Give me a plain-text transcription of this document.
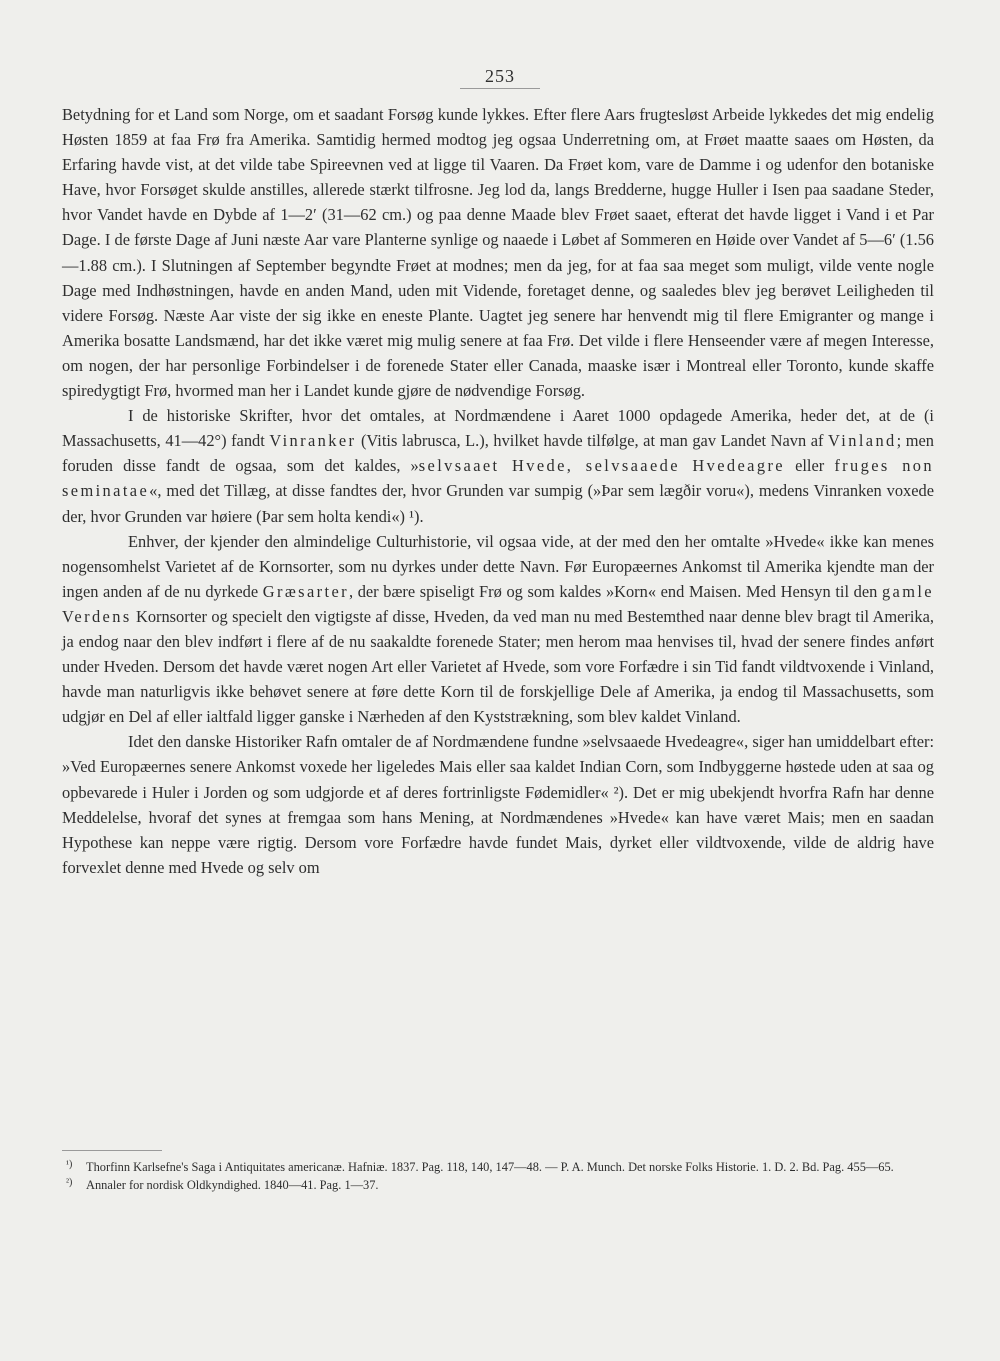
253

Betydning for et Land som Norge, om et saadant Forsøg kunde lykkes. Efter flere Aars frugtesløst Arbeide lykkedes det mig endelig Høsten 1859 at faa Frø fra Amerika. Samtidig hermed modtog jeg ogsaa Underretning om, at Frøet maatte saaes om Høsten, da Erfaring havde vist, at det vilde tabe Spireevnen ved at ligge til Vaaren. Da Frøet kom, vare de Damme i og udenfor den botaniske Have, hvor Forsøget skulde anstilles, allerede stærkt tilfrosne. Jeg lod da, langs Bredderne, hugge Huller i Isen paa saadane Steder, hvor Vandet havde en Dybde af 1—2′ (31—62 cm.) og paa denne Maade blev Frøet saaet, efterat det havde ligget i Vand i et Par Dage. I de første Dage af Juni næste Aar vare Planterne synlige og naaede i Løbet af Sommeren en Høide over Vandet af 5—6′ (1.56—1.88 cm.). I Slutningen af September begyndte Frøet at modnes; men da jeg, for at faa saa meget som muligt, vilde vente nogle Dage med Indhøstningen, havde en anden Mand, uden mit Vidende, foretaget denne, og saaledes blev jeg berøvet Leiligheden til videre Forsøg. Næste Aar viste der sig ikke en eneste Plante. Uagtet jeg senere har henvendt mig til flere Emigranter og mange i Amerika bosatte Landsmænd, har det ikke været mig mulig senere at faa Frø. Det vilde i flere Henseender være af megen Interesse, om nogen, der har personlige Forbindelser i de forenede Stater eller Canada, maaske især i Montreal eller Toronto, kunde skaffe spiredygtigt Frø, hvormed man her i Landet kunde gjøre de nødvendige Forsøg.

I de historiske Skrifter, hvor det omtales, at Nordmændene i Aaret 1000 opdagede Amerika, heder det, at de (i Massachusetts, 41—42°) fandt Vinranker (Vitis labrusca, L.), hvilket havde tilfølge, at man gav Landet Navn af Vinland; men foruden disse fandt de ogsaa, som det kaldes, »selvsaaet Hvede, selvsaaede Hvedeagre eller fruges non seminatae«, med det Tillæg, at disse fandtes der, hvor Grunden var sumpig (»Þar sem lægðir voru«), medens Vinranken voxede der, hvor Grunden var høiere (Þar sem holta kendi«) ¹).

Enhver, der kjender den almindelige Culturhistorie, vil ogsaa vide, at der med den her omtalte »Hvede« ikke kan menes nogensomhelst Varietet af de Kornsorter, som nu dyrkes under dette Navn. Før Europæernes Ankomst til Amerika kjendte man der ingen anden af de nu dyrkede Græsarter, der bære spiseligt Frø og som kaldes »Korn« end Maisen. Med Hensyn til den gamle Verdens Kornsorter og specielt den vigtigste af disse, Hveden, da ved man nu med Bestemthed naar denne blev bragt til Amerika, ja endog naar den blev indført i flere af de nu saakaldte forenede Stater; men herom maa henvises til, hvad der senere findes anført under Hveden. Dersom det havde været nogen Art eller Varietet af Hvede, som vore Forfædre i sin Tid fandt vildtvoxende i Vinland, havde man naturligvis ikke behøvet senere at føre dette Korn til de forskjellige Dele af Amerika, ja endog til Massachusetts, som udgjør en Del af eller ialtfald ligger ganske i Nærheden af den Kyststrækning, som blev kaldet Vinland.

Idet den danske Historiker Rafn omtaler de af Nordmændene fundne »selvsaaede Hvedeagre«, siger han umiddelbart efter: »Ved Europæernes senere Ankomst voxede her ligeledes Mais eller saa kaldet Indian Corn, som Indbyggerne høstede uden at saa og opbevarede i Huler i Jorden og som udgjorde et af deres fortrinligste Fødemidler« ²). Det er mig ubekjendt hvorfra Rafn har denne Meddelelse, hvoraf det synes at fremgaa som hans Mening, at Nordmændenes »Hvede« kan have været Mais; men en saadan Hypothese kan neppe være rigtig. Dersom vore Forfædre havde fundet Mais, dyrket eller vildtvoxende, vilde de aldrig have forvexlet denne med Hvede og selv om

¹) Thorfinn Karlsefne's Saga i Antiquitates americanæ. Hafniæ. 1837. Pag. 118, 140, 147—48. — P. A. Munch. Det norske Folks Historie. 1. D. 2. Bd. Pag. 455—65.

²) Annaler for nordisk Oldkyndighed. 1840—41. Pag. 1—37.
